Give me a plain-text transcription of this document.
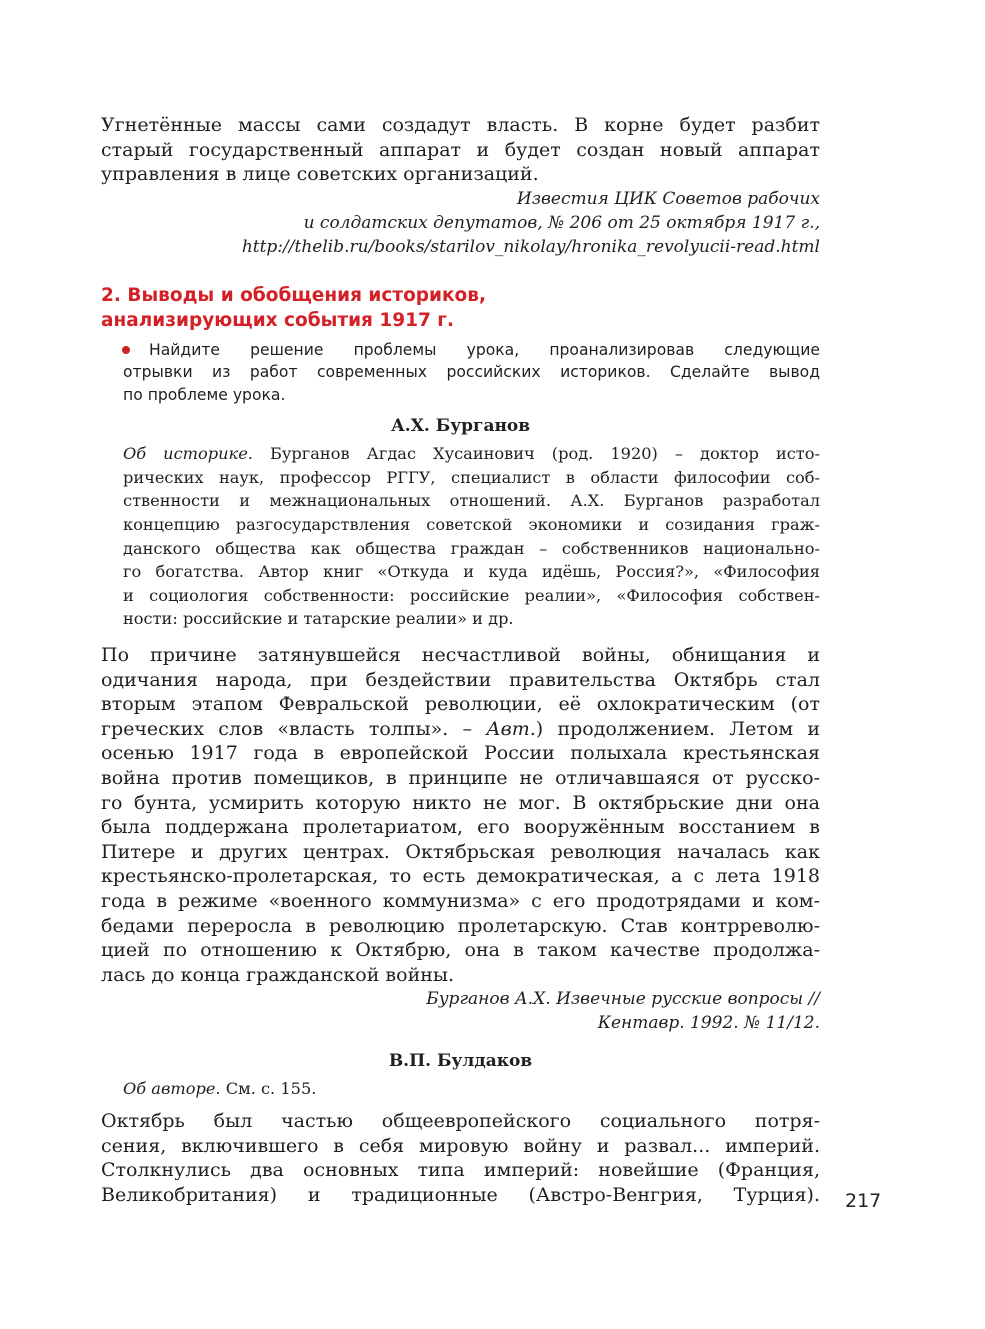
Угнетённые массы сами создадут власть. В корне будет разбит
старый государственный аппарат и будет создан новый аппарат
управления в лице советских организаций.

Известия ЦИК Советов рабочих
и солдатских депутатов, № 206 от 25 октября 1917 г.,
http://thelib.ru/books/starilov_nikolay/hronika_revolyucii-read.html

2. Выводы и обобщения историков,
анализирующих события 1917 г.
Найдите решение проблемы урока, проанализировав следующие
отрывки из работ современных российских историков. Сделайте вывод
по проблеме урока.
А.Х. Бурганов
Об историке. Бурганов Агдас Хусаинович (род. 1920) – доктор исто-
рических наук, профессор РГГУ, специалист в области философии соб-
ственности и межнациональных отношений. А.Х. Бурганов разработал
концепцию разгосударствления советской экономики и созидания граж-
данского общества как общества граждан – собственников национально-
го богатства. Автор книг «Откуда и куда идёшь, Россия?», «Философия
и социология собственности: российские реалии», «Философия собствен-
ности: российские и татарские реалии» и др.

По причине затянувшейся несчастливой войны, обнищания и
одичания народа, при бездействии правительства Октябрь стал
вторым этапом Февральской революции, её охлократическим (от
греческих слов «власть толпы». – Авт.) продолжением. Летом и
осенью 1917 года в европейской России полыхала крестьянская
война против помещиков, в принципе не отличавшаяся от русско-
го бунта, усмирить которую никто не мог. В октябрьские дни она
была поддержана пролетариатом, его вооружённым восстанием в
Питере и других центрах. Октябрьская революция началась как
крестьянско-пролетарская, то есть демократическая, а с лета 1918
года в режиме «военного коммунизма» с его продотрядами и ком-
бедами переросла в революцию пролетарскую. Став контрреволю-
цией по отношению к Октябрю, она в таком качестве продолжа-
лась до конца гражданской войны.

Бурганов А.Х. Извечные русские вопросы //
Кентавр. 1992. № 11/12.

В.П. Булдаков
Об авторе. См. с. 155.

Октябрь был частью общеевропейского социального потря-
сения, включившего в себя мировую войну и развал... империй.
Столкнулись два основных типа империй: новейшие (Франция,
Великобритания) и традиционные (Австро-Венгрия, Турция). 217
